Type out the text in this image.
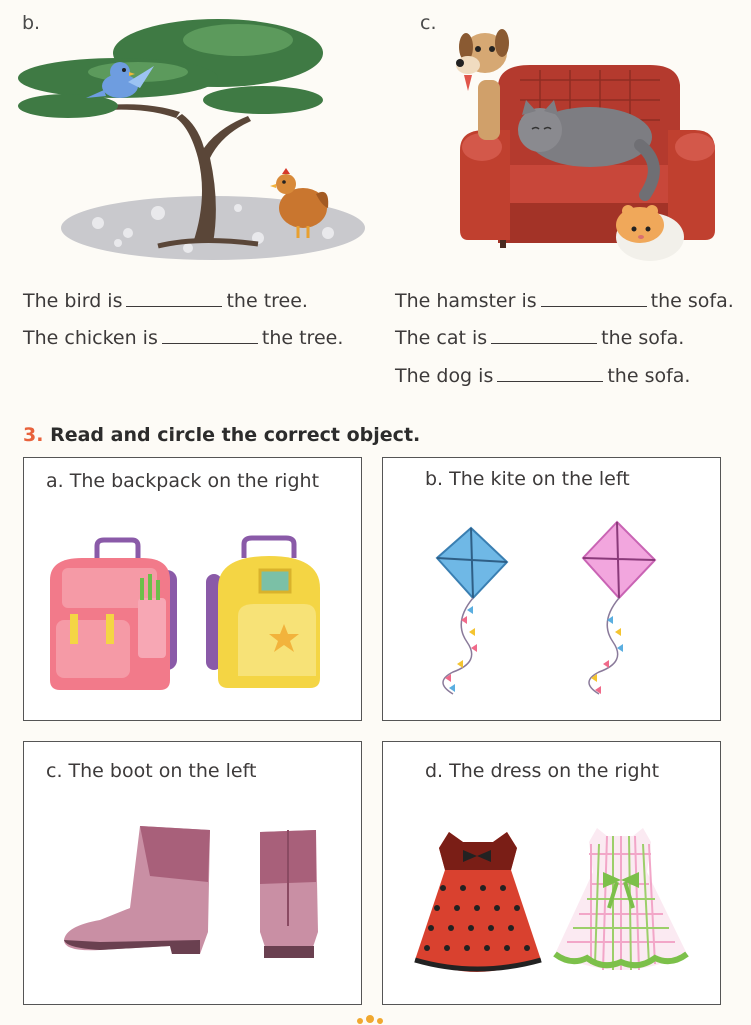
b.
The bird is	the tree.
The chicken is	the tree.
c.
The hamster is	the sofa.
The cat is	the sofa.
The dog is	the sofa.
3. Read and circle the correct object.
a. The backpack on the right	b. The kite on the left
c. The boot on the left	d. The dress on the right
